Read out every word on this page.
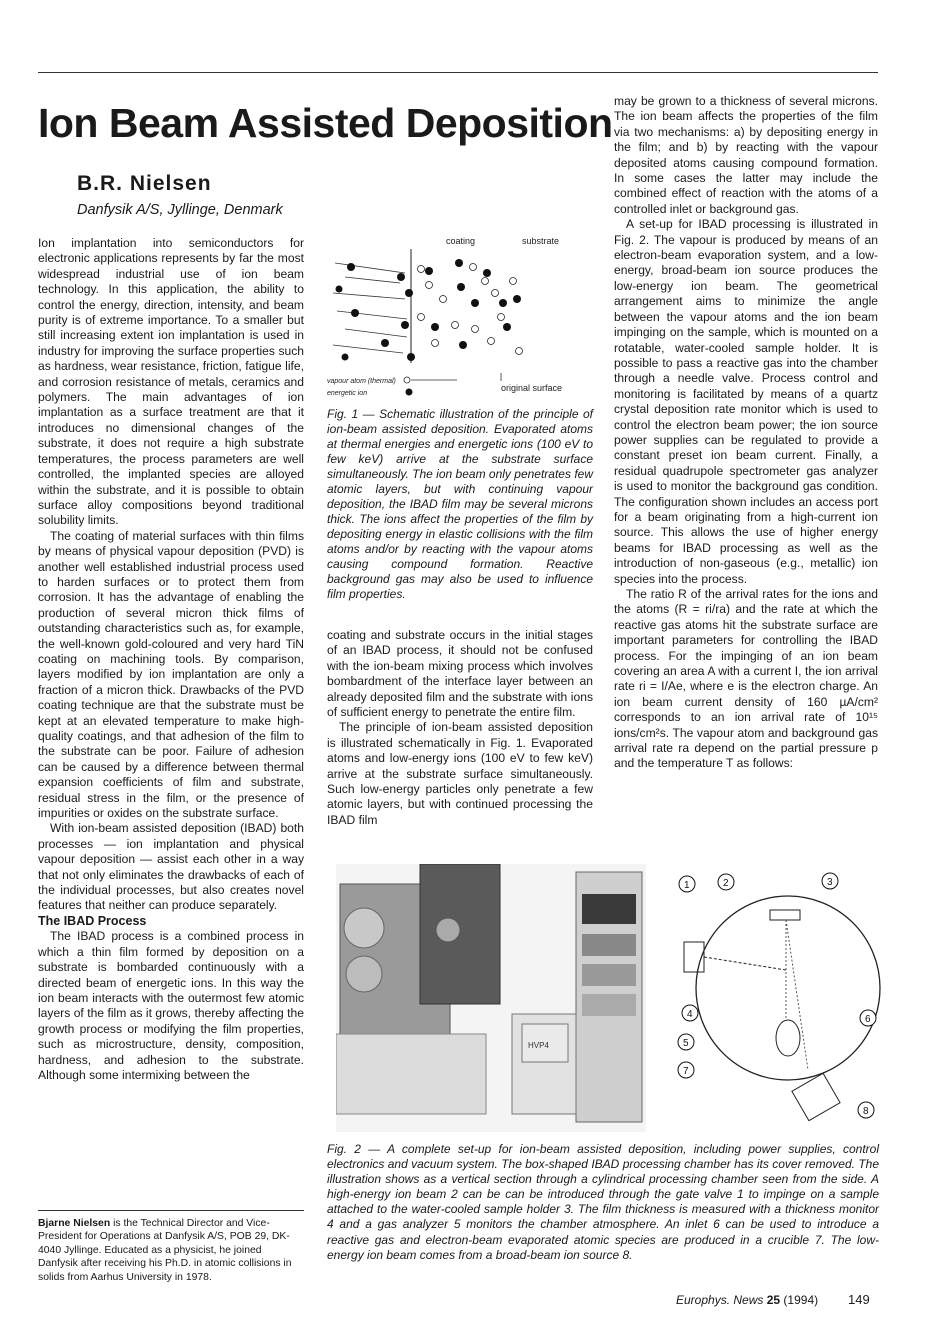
Ion Beam Assisted Deposition
B.R. Nielsen
Danfysik A/S, Jyllinge, Denmark

Ion implantation into semiconductors for electronic applications represents by far the most widespread industrial use of ion beam technology. In this application, the ability to control the energy, direction, intensity, and beam purity is of extreme importance. To a smaller but still increasing extent ion implantation is used in industry for improving the surface properties such as hardness, wear resistance, friction, fatigue life, and corrosion resistance of metals, ceramics and polymers. The main advantages of ion implantation as a surface treatment are that it introduces no dimensional changes of the substrate, it does not require a high substrate temperatures, the process parameters are well controlled, the implanted species are alloyed within the substrate, and it is possible to obtain surface alloy compositions beyond traditional solubility limits.

The coating of material surfaces with thin films by means of physical vapour deposition (PVD) is another well established industrial process used to harden surfaces or to protect them from corrosion. It has the advantage of enabling the production of several micron thick films of outstanding characteristics such as, for example, the well-known gold-coloured and very hard TiN coating on machining tools. By comparison, layers modified by ion implantation are only a fraction of a micron thick. Drawbacks of the PVD coating technique are that the substrate must be kept at an elevated temperature to make high-quality coatings, and that adhesion of the film to the substrate can be poor. Failure of adhesion can be caused by a difference between thermal expansion coefficients of film and substrate, residual stress in the film, or the presence of impurities or oxides on the substrate surface.

With ion-beam assisted deposition (IBAD) both processes — ion implantation and physical vapour deposition — assist each other in a way that not only eliminates the drawbacks of each of the individual processes, but also creates novel features that neither can produce separately.

The IBAD Process

The IBAD process is a combined process in which a thin film formed by deposition on a substrate is bombarded continuously with a directed beam of energetic ions. In this way the ion beam interacts with the outermost few atomic layers of the film as it grows, thereby affecting the growth process or modifying the film properties, such as microstructure, density, composition, hardness, and adhesion to the substrate. Although some intermixing between the

Bjarne Nielsen is the Technical Director and Vice-President for Operations at Danfysik A/S, POB 29, DK-4040 Jyllinge. Educated as a physicist, he joined Danfysik after receiving his Ph.D. in atomic collisions in solids from Aarhus University in 1978.
coating	substrate
vapour atom (thermal)
energetic ion
original surface
Fig. 1 — Schematic illustration of the principle of ion-beam assisted deposition. Evaporated atoms at thermal energies and energetic ions (100 eV to few keV) arrive at the substrate surface simultaneously. The ion beam only penetrates few atomic layers, but with continuing vapour deposition, the IBAD film may be several microns thick. The ions affect the properties of the film by depositing energy in elastic collisions with the film atoms and/or by reacting with the vapour atoms causing compound formation. Reactive background gas may also be used to influence film properties.

coating and substrate occurs in the initial stages of an IBAD process, it should not be confused with the ion-beam mixing process which involves bombardment of the interface layer between an already deposited film and the substrate with ions of sufficient energy to penetrate the entire film.

The principle of ion-beam assisted deposition is illustrated schematically in Fig. 1. Evaporated atoms and low-energy ions (100 eV to few keV) arrive at the substrate surface simultaneously. Such low-energy particles only penetrate a few atomic layers, but with continued processing the IBAD film

may be grown to a thickness of several microns. The ion beam affects the properties of the film via two mechanisms: a) by depositing energy in the film; and b) by reacting with the vapour deposited atoms causing compound formation. In some cases the latter may include the combined effect of reaction with the atoms of a controlled inlet or background gas.

A set-up for IBAD processing is illustrated in Fig. 2. The vapour is produced by means of an electron-beam evaporation system, and a low-energy, broad-beam ion source produces the low-energy ion beam. The geometrical arrangement aims to minimize the angle between the vapour atoms and the ion beam impinging on the sample, which is mounted on a rotatable, water-cooled sample holder. It is possible to pass a reactive gas into the chamber through a needle valve. Process control and monitoring is facilitated by means of a quartz crystal deposition rate monitor which is used to control the electron beam power; the ion source power supplies can be regulated to provide a constant preset ion beam current. Finally, a residual quadrupole spectrometer gas analyzer is used to monitor the background gas condition. The configuration shown includes an access port for a beam originating from a high-current ion source. This allows the use of higher energy beams for IBAD processing as well as the introduction of non-gaseous (e.g., metallic) ion species into the process.

The ratio R of the arrival rates for the ions and the atoms (R = ri/ra) and the rate at which the reactive gas atoms hit the substrate surface are important parameters for controlling the IBAD process. For the impinging of an ion beam covering an area A with a current I, the ion arrival rate ri = I/Ae, where e is the electron charge. An ion beam current density of 160 µA/cm² corresponds to an ion arrival rate of 10¹⁵ ions/cm²s. The vapour atom and background gas arrival rate ra depend on the partial pressure p and the temperature T as follows:

HVP4
1	2	3
4
5
6
7
8
Fig. 2 — A complete set-up for ion-beam assisted deposition, including power supplies, control electronics and vacuum system. The box-shaped IBAD processing chamber has its cover removed. The illustration shows as a vertical section through a cylindrical processing chamber seen from the side. A high-energy ion beam 2 can be can be introduced through the gate valve 1 to impinge on a sample attached to the water-cooled sample holder 3. The film thickness is measured with a thickness monitor 4 and a gas analyzer 5 monitors the chamber atmosphere. An inlet 6 can be used to introduce a reactive gas and electron-beam evaporated atomic species are produced in a crucible 7. The low-energy ion beam comes from a broad-beam ion source 8.
Europhys. News 25 (1994) 149
